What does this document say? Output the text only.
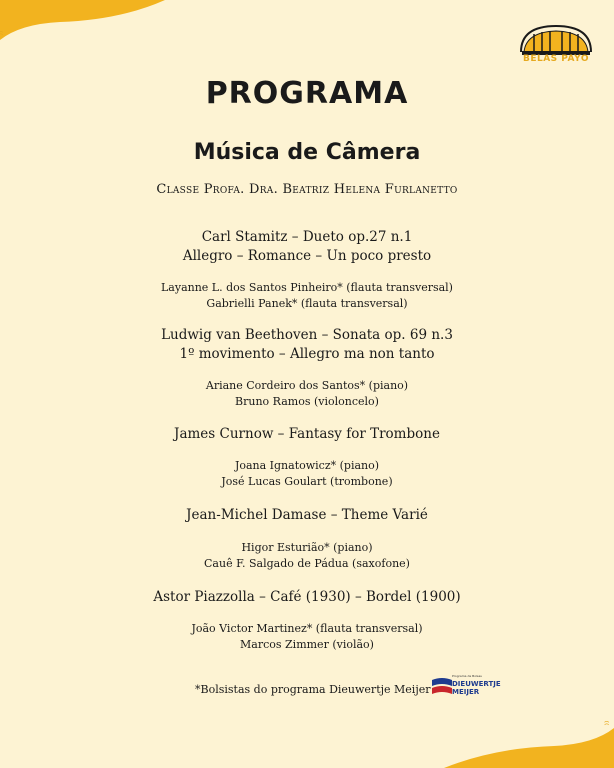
BELAS PAYO
PROGRAMA
Música de Câmera
Classe Profa. Dra. Beatriz Helena Furlanetto
Carl Stamitz – Dueto op.27 n.1
Allegro – Romance – Un poco presto
Layanne L. dos Santos Pinheiro* (flauta transversal)
Gabrielli Panek* (flauta transversal)
Ludwig van Beethoven – Sonata op. 69 n.3
1º movimento – Allegro ma non tanto
Ariane Cordeiro dos Santos* (piano)
Bruno Ramos (violoncelo)
James Curnow – Fantasy for Trombone
Joana Ignatowicz* (piano)
José Lucas Goulart (trombone)
Jean-Michel Damase – Theme Varié
Higor Esturião* (piano)
Cauê F. Salgado de Pádua (saxofone)
Astor Piazzolla – Café (1930) – Bordel (1900)
João Victor Martinez* (flauta transversal)
Marcos Zimmer (violão)
*Bolsistas do programa Dieuwertje Meijer
Programa de Bolsas
DIEUWERTJE
MEIJER
